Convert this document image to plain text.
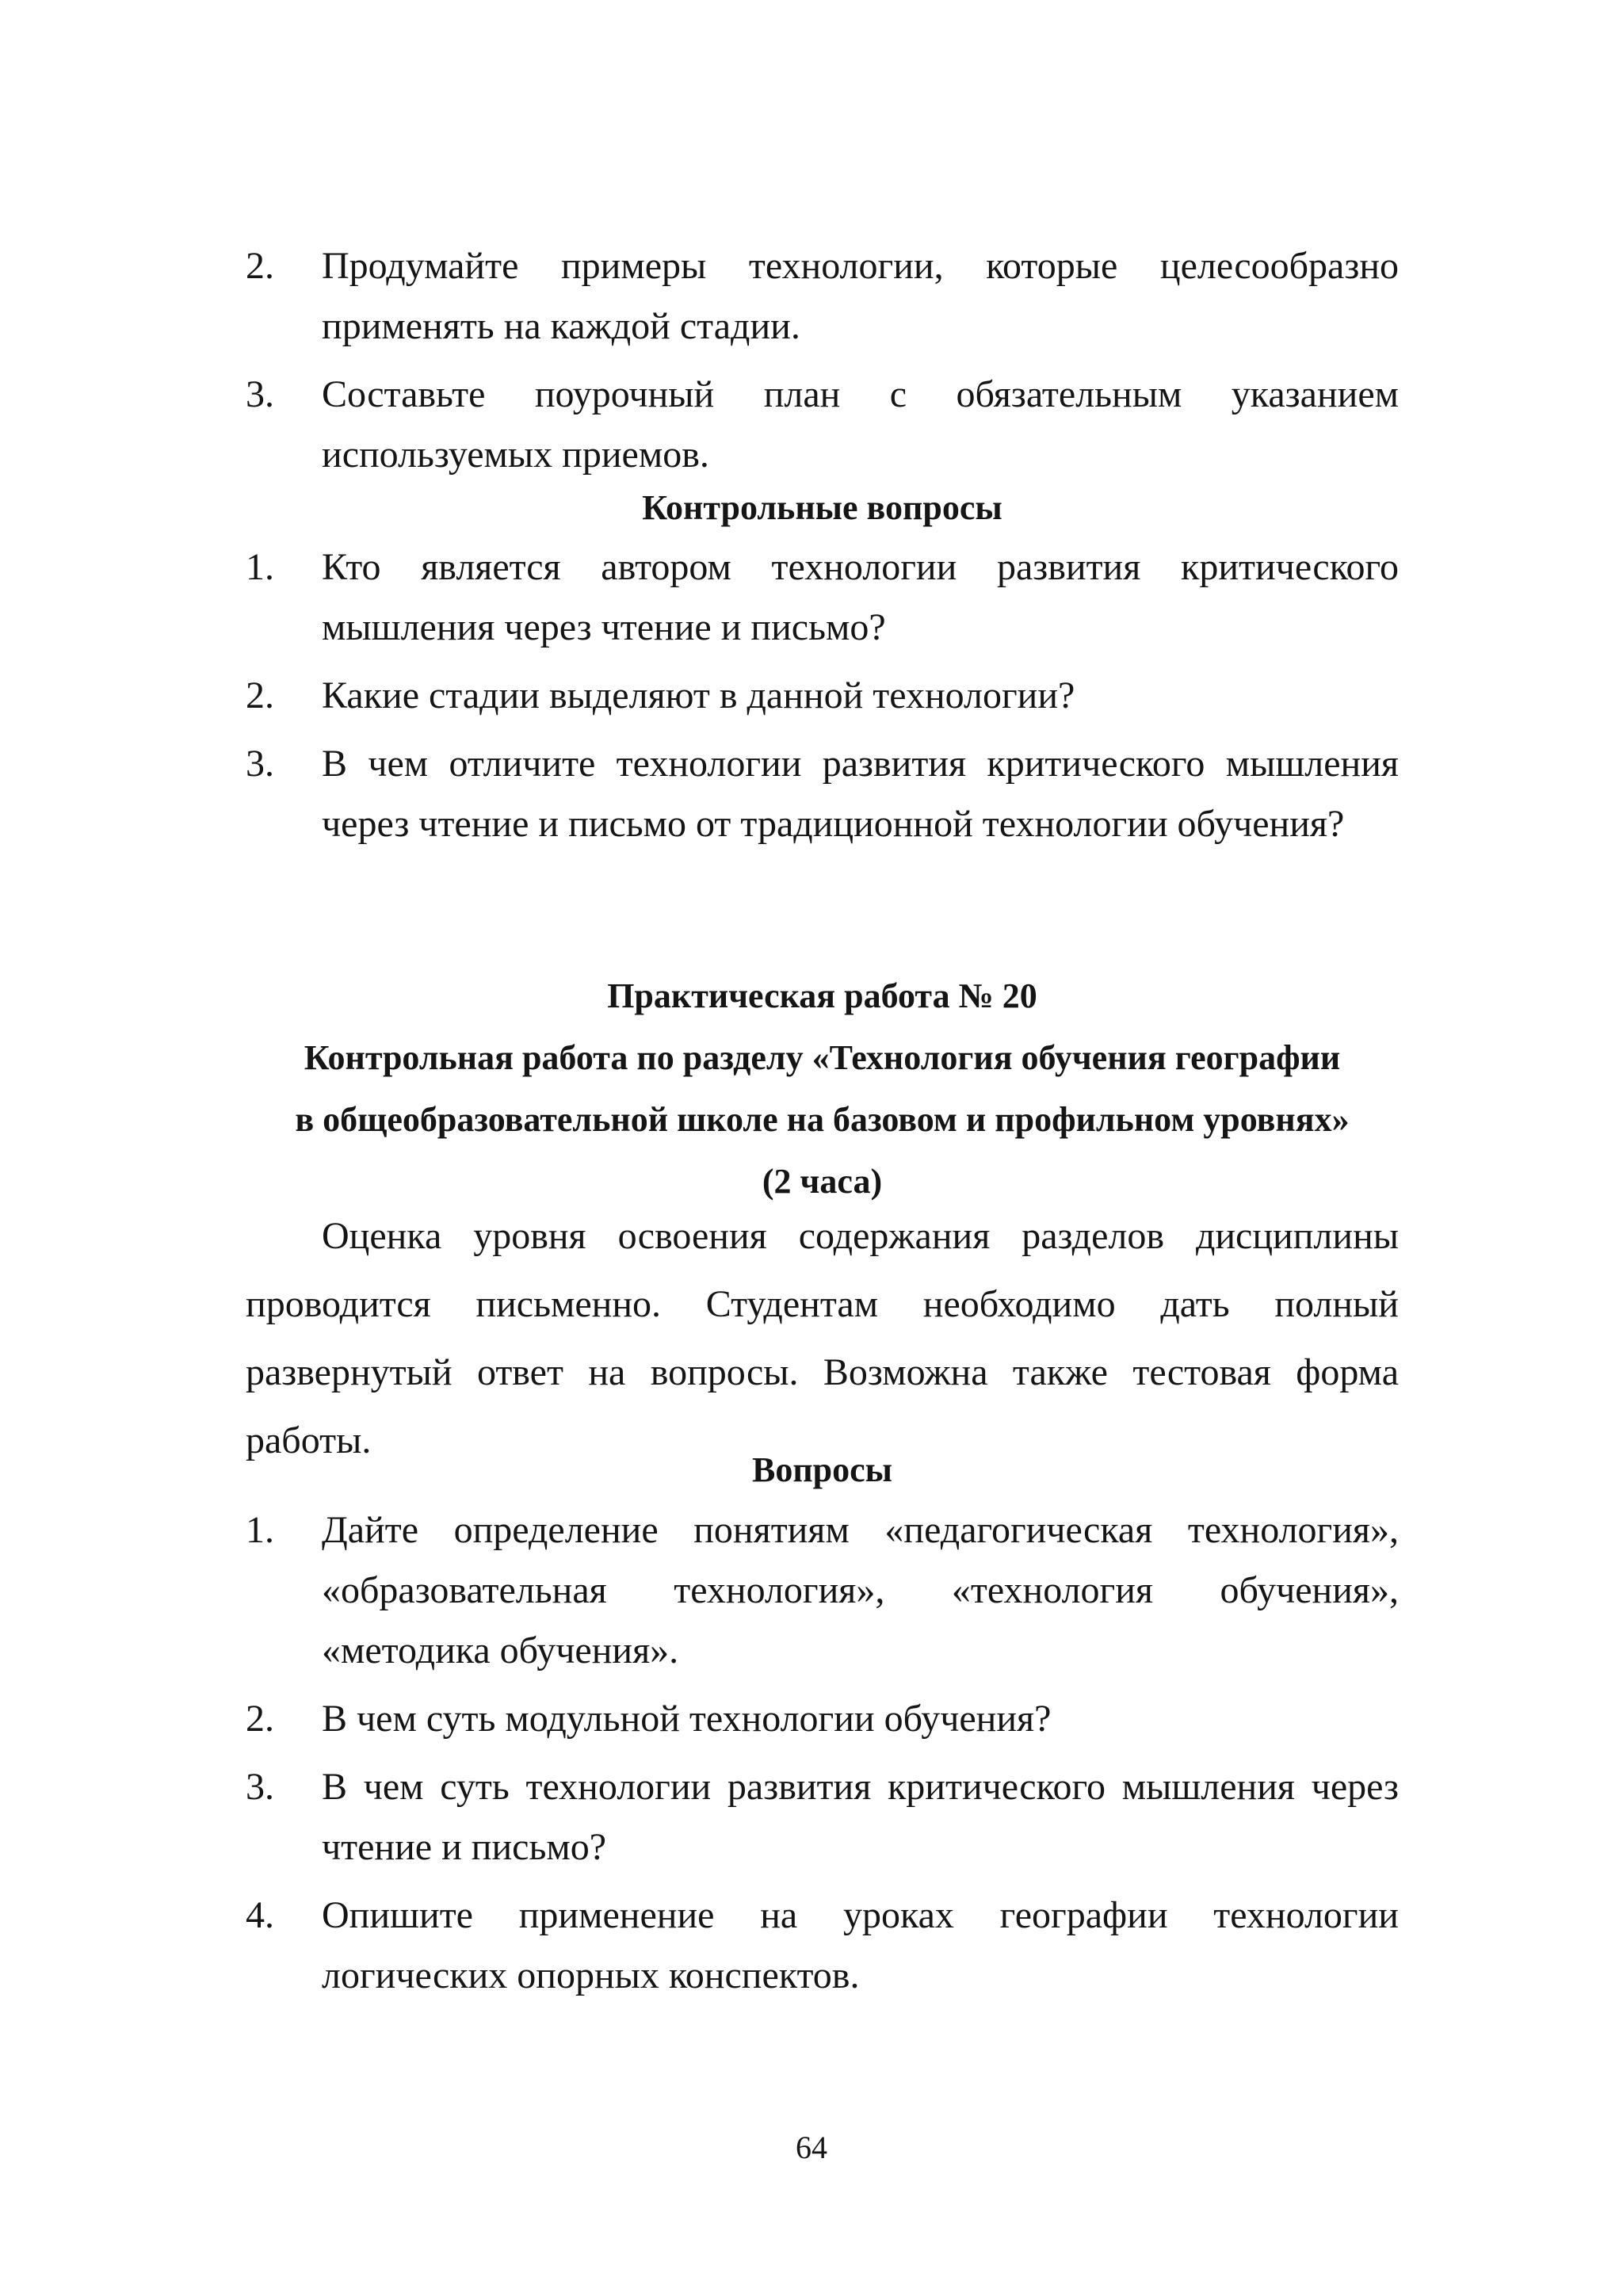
2. Продумайте примеры технологии, которые целесообразно применять на каждой стадии.
3. Составьте поурочный план с обязательным указанием используемых приемов.
Контрольные вопросы
1. Кто является автором технологии развития критического мышления через чтение и письмо?
2. Какие стадии выделяют в данной технологии?
3. В чем отличите технологии развития критического мышления через чтение и письмо от традиционной технологии обучения?
Практическая работа № 20
Контрольная работа по разделу «Технология обучения географии
в общеобразовательной школе на базовом и профильном уровнях»
(2 часа)

Оценка уровня освоения содержания разделов дисциплины проводится письменно. Студентам необходимо дать полный развернутый ответ на вопросы. Возможна также тестовая форма работы.

Вопросы
1. Дайте определение понятиям «педагогическая технология», «образовательная технология», «технология обучения», «методика обучения».
2. В чем суть модульной технологии обучения?
3. В чем суть технологии развития критического мышления через чтение и письмо?
4. Опишите применение на уроках географии технологии логических опорных конспектов.
64
